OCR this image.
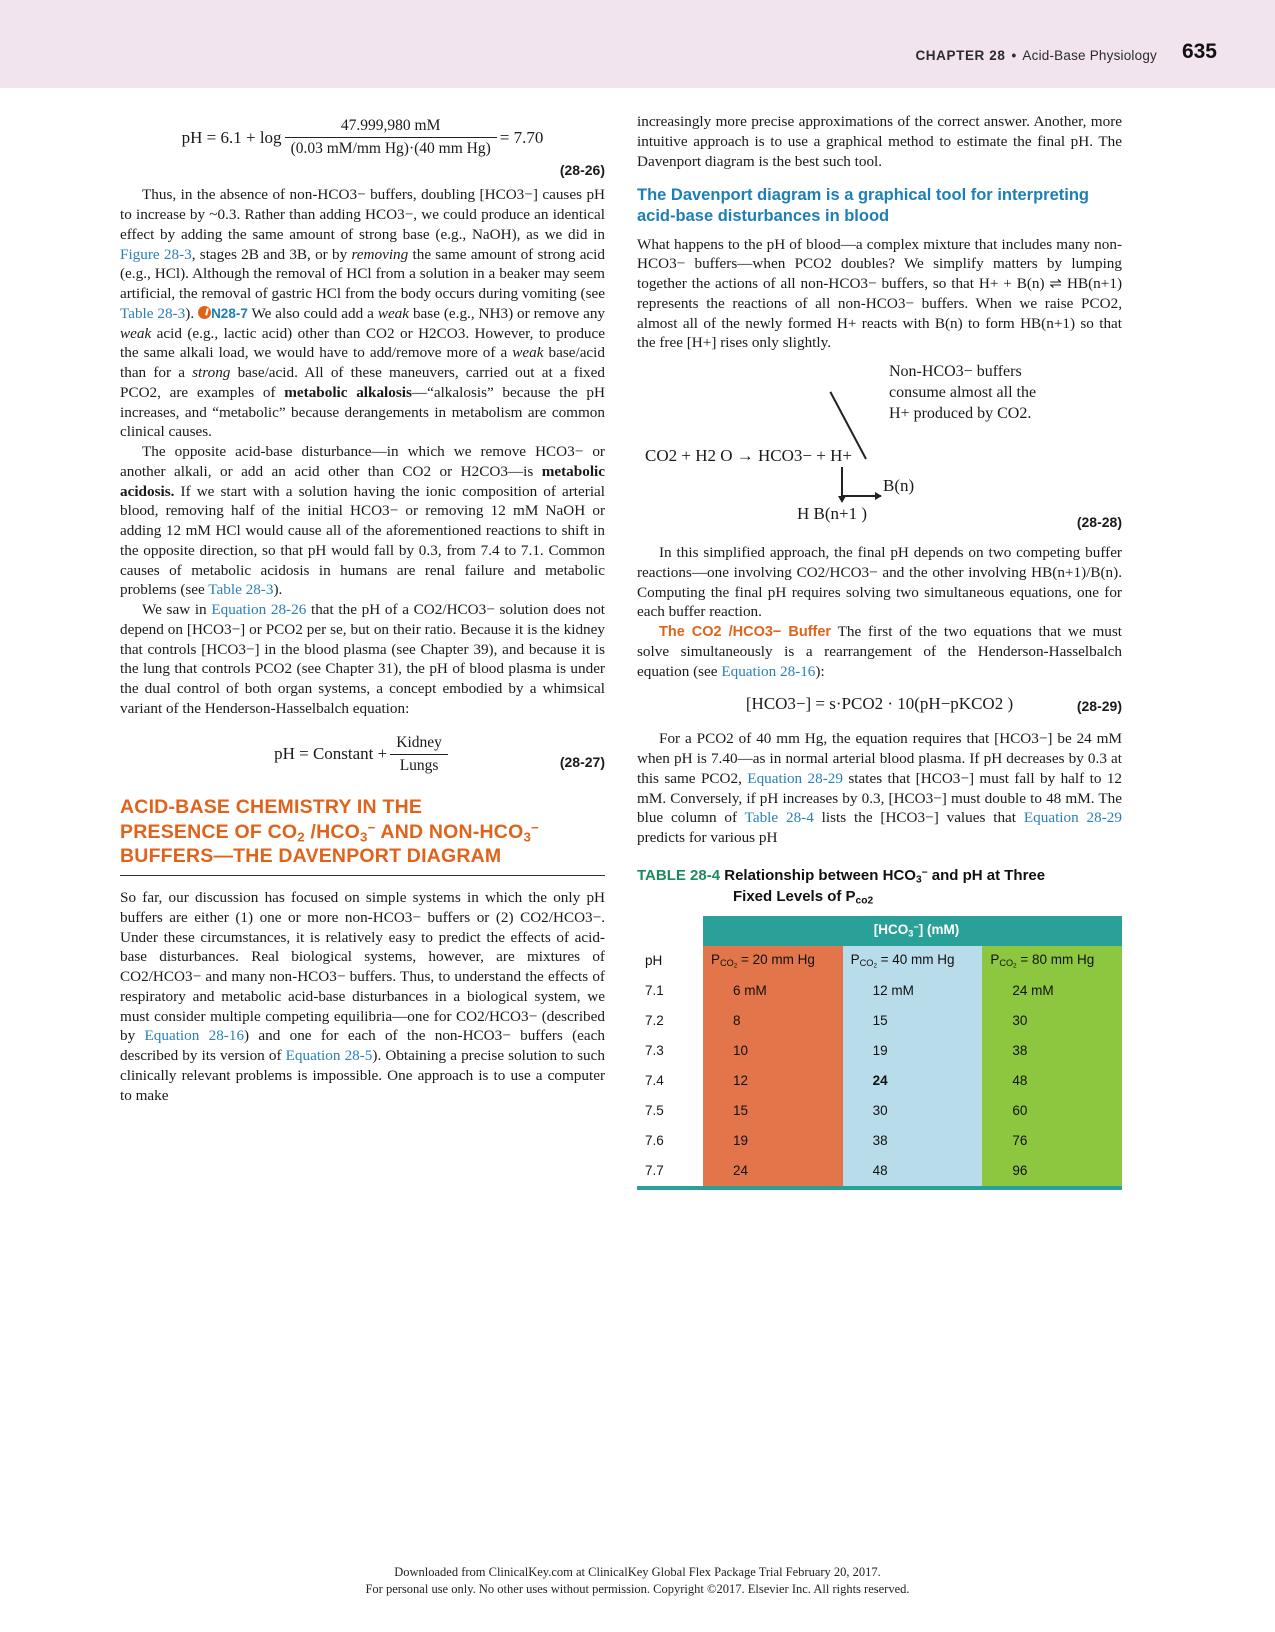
CHAPTER 28 • Acid-Base Physiology 635
pH = $6.1 + \log \frac{47.999,980 mM}{\text{(0.03 mM/mm Hg)·(40 mm Hg)}} = 7.70$
(28-26)

Thus, in the absence of non-HCO3− buffers, doubling [HCO3−] causes pH to increase by ~0.3. Rather than adding HCO3−, we could produce an identical effect by adding the same amount of strong base (e.g., NaOH), as we did in Figure 28-3, stages 2B and 3B, or by removing the same amount of strong acid (e.g., HCl). Although the removal of HCl from a solution in a beaker may seem artificial, the removal of gastric HCl from the body occurs during vomiting (see Table 28-3). N28-7 We also could add a weak base (e.g., NH3) or remove any weak acid (e.g., lactic acid) other than CO2 or H2CO3. However, to produce the same alkali load, we would have to add/remove more of a weak base/acid than for a strong base/acid. All of these maneuvers, carried out at a fixed PCO2, are examples of metabolic alkalosis—“alkalosis” because the pH increases, and “metabolic” because derangements in metabolism are common clinical causes.

The opposite acid-base disturbance—in which we remove HCO3− or another alkali, or add an acid other than CO2 or H2CO3—is metabolic acidosis. If we start with a solution having the ionic composition of arterial blood, removing half of the initial HCO3− or removing 12 mM NaOH or adding 12 mM HCl would cause all of the aforementioned reactions to shift in the opposite direction, so that pH would fall by 0.3, from 7.4 to 7.1. Common causes of metabolic acidosis in humans are renal failure and metabolic problems (see Table 28-3).

We saw in Equation 28-26 that the pH of a CO2/HCO3− solution does not depend on [HCO3−] or PCO2 per se, but on their ratio. Because it is the kidney that controls [HCO3−] in the blood plasma (see Chapter 39), and because it is the lung that controls PCO2 (see Chapter 31), the pH of blood plasma is under the dual control of both organ systems, a concept embodied by a whimsical variant of the Henderson-Hasselbalch equation:

pH = Constant + $\frac{\text{Kidney}}{\text{Lungs}}$	(28-27)
ACID-BASE CHEMISTRY IN THE
PRESENCE OF $CO_2$ $/HCO_3^-$ AND NON-$HCO_3^-$
BUFFERS—THE DAVENPORT DIAGRAM

So far, our discussion has focused on simple systems in which the only pH buffers are either (1) one or more non-HCO3− buffers or (2) CO2/HCO3−. Under these circumstances, it is relatively easy to predict the effects of acid-base disturbances. Real biological systems, however, are mixtures of CO2/HCO3− and many non-HCO3− buffers. Thus, to understand the effects of respiratory and metabolic acid-base disturbances in a biological system, we must consider multiple competing equilibria—one for CO2/HCO3− (described by Equation 28-16) and one for each of the non-HCO3− buffers (each described by its version of Equation 28-5). Obtaining a precise solution to such clinically relevant problems is impossible. One approach is to use a computer to make

increasingly more precise approximations of the correct answer. Another, more intuitive approach is to use a graphical method to estimate the final pH. The Davenport diagram is the best such tool.

The Davenport diagram is a graphical tool for interpreting acid-base disturbances in blood

What happens to the pH of blood—a complex mixture that includes many non-HCO3− buffers—when PCO2 doubles? We simplify matters by lumping together the actions of all non-HCO3− buffers, so that H+ + B(n) ⇌ HB(n+1) represents the reactions of all non-HCO3− buffers. When we raise PCO2, almost all of the newly formed H+ reacts with B(n) to form HB(n+1) so that the free [H+] rises only slightly.

CO2 + H2 O → HCO3− + H+
Non-HCO3− buffers
consume almost all the
H+ produced by CO2.
B(n)
H B(n+1 )	(28-28)

In this simplified approach, the final pH depends on two competing buffer reactions—one involving CO2/HCO3− and the other involving HB(n+1)/B(n). Computing the final pH requires solving two simultaneous equations, one for each buffer reaction.

The CO2 /HCO3− Buffer The first of the two equations that we must solve simultaneously is a rearrangement of the Henderson-Hasselbalch equation (see Equation 28-16):

[HCO3−] = s·PCO2 · 10(pH−pKCO2 )	(28-29)

For a PCO2 of 40 mm Hg, the equation requires that [HCO3−] be 24 mM when pH is 7.40—as in normal arterial blood plasma. If pH decreases by 0.3 at this same PCO2, Equation 28-29 states that [HCO3−] must fall by half to 12 mM. Conversely, if pH increases by 0.3, [HCO3−] must double to 48 mM. The blue column of Table 28-4 lists the [HCO3−] values that Equation 28-29 predicts for various pH

TABLE 28-4 Relationship between $HCO_3^-$ and pH at Three
Fixed Levels of $P_{co2}$
	$[HCO_3^-]$ (mM)		
pH	$P_{CO_2} = 20$ mm Hg	$P_{CO_2} = 40$ mm Hg	$P_{CO_2} = 80$ mm Hg
7.1	6 mM	12 mM	24 mM
7.2	8	15	30
7.3	10	19	38
7.4	12	24	48
7.5	15	30	60
7.6	19	38	76
7.7	24	48	96
Downloaded from ClinicalKey.com at ClinicalKey Global Flex Package Trial February 20, 2017.
For personal use only. No other uses without permission. Copyright ©2017. Elsevier Inc. All rights reserved.
